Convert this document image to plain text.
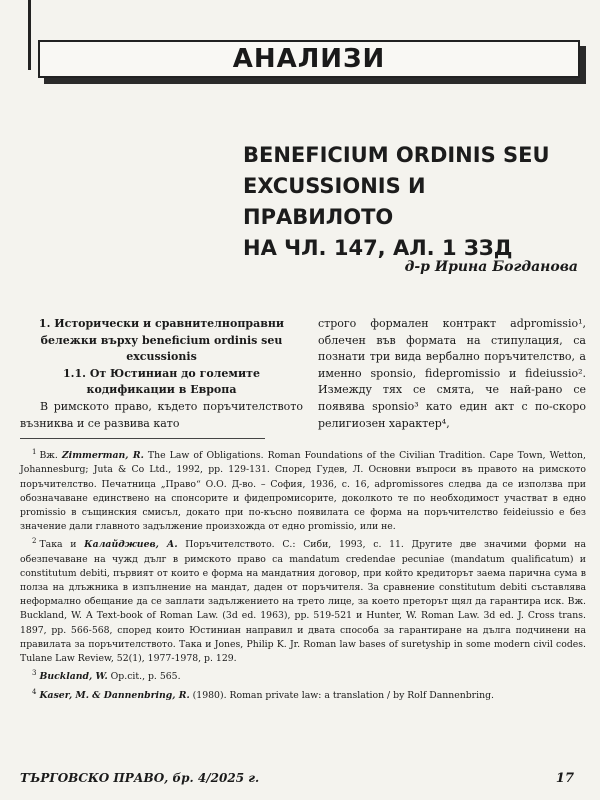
АНАЛИЗИ
BENEFICIUM ORDINIS SEU
EXCUSSIONIS И ПРАВИЛОТО
НА ЧЛ. 147, АЛ. 1 ЗЗД
д-р Ирина Богданова

1. Исторически и сравнителноправни бележки върху beneficium ordinis seu excussionis

1.1. От Юстиниан до големите кодификации в Европа

В римското право, където поръчителството възниква и се развива като

строго формален контракт adpromissio¹, облечен във формата на стипулация, са познати три вида вербално поръчителство, а именно sponsio, fidepromissio и fideiussio². Измежду тях се смята, че най-рано се появява sponsio³ като един акт с по-скоро религиозен характер⁴,

$^1$ Вж. Zimmerman, R. The Law of Obligations. Roman Foundations of the Civilian Tradition. Cape Town, Wetton, Johannesburg; Juta & Co Ltd., 1992, pp. 129-131. Според Гудев, Л. Основни въпроси въ правото на римското поръчителство. Печатница „Право“ О.О. Д-во. – София, 1936, с. 16, adpromissores следва да се използва при обозначаване единствено на спонсорите и фидепромисорите, доколкото те по необходимост участват в едно promissio в същинския смисъл, докато при по-късно появилата се форма на поръчителство feideiussio е без значение дали главното задължение произхожда от едно promissio, или не.

$^2$ Така и Калайджиев, А. Поръчителството. С.: Сиби, 1993, с. 11. Другите две значими форми на обезпечаване на чужд дълг в римското право са mandatum credendae pecuniae (mandatum qualificatum) и constitutum debiti, първият от които е форма на мандатния договор, при който кредиторът заема парична сума в полза на длъжника в изпълнение на мандат, даден от поръчителя. За сравнение constitutum debiti съставлява неформално обещание да се заплати задължението на трето лице, за което преторът щял да гарантира иск. Вж. Buckland, W. A Text-book of Roman Law. (3d ed. 1963), pp. 519-521 и Hunter, W. Roman Law. 3d ed. J. Cross trans. 1897, pp. 566-568, според които Юстиниан направил и двата способа за гарантиране на дълга подчинени на правилата за поръчителството. Така и Jones, Philip K. Jr. Roman law bases of suretyship in some modern civil codes. Tulane Law Review, 52(1), 1977-1978, p. 129.

$^3$ Buckland, W. Op.cit., p. 565.

$^4$ Kaser, M. & Dannenbring, R. (1980). Roman private law: a translation / by Rolf Dannenbring.

ТЪРГОВСКО ПРАВО, бр. 4/2025 г.	17
